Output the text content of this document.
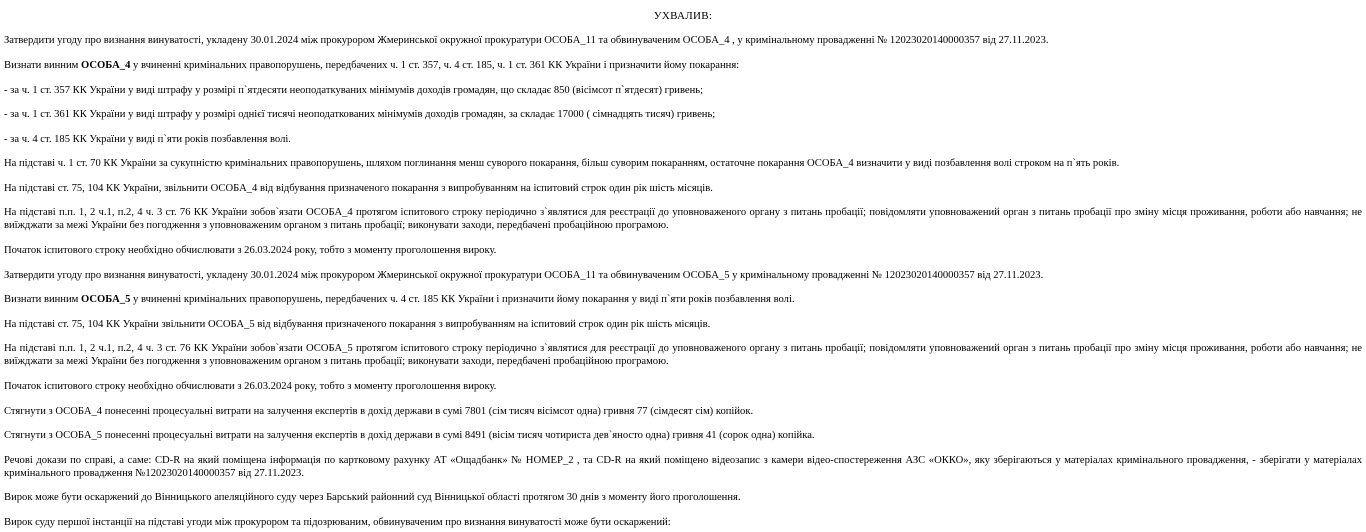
УХВАЛИВ:
Затвердити угоду про визнання винуватості, укладену 30.01.2024 між прокурором Жмеринської окружної прокуратури ОСОБА_11 та обвинуваченим ОСОБА_4 , у кримінальному провадженні № 12023020140000357 від 27.11.2023.
Визнати винним ОСОБА_4 у вчиненні кримінальних правопорушень, передбачених ч. 1 ст. 357, ч. 4 ст. 185, ч. 1 ст. 361 КК України і призначити йому покарання:
- за ч. 1 ст. 357 КК України у виді штрафу у розмірі п`ятдесяти неоподаткуваних мінімумів доходів громадян, що складає 850 (вісімсот п`ятдесят) гривень;
- за ч. 1 ст. 361 КК України у виді штрафу у розмірі однієї тисячі неоподаткованих мінімумів доходів громадян, за складає 17000 ( сімнадцять тисяч) гривень;
- за ч. 4 ст. 185 КК України у виді п`яти років позбавлення волі.
На підставі ч. 1 ст. 70 КК України за сукупністю кримінальних правопорушень, шляхом поглинання менш суворого покарання, більш суворим покаранням, остаточне покарання ОСОБА_4 визначити у виді позбавлення волі строком на п`ять років.
На підставі ст. 75, 104 КК України, звільнити ОСОБА_4 від відбування призначеного покарання з випробуванням на іспитовий строк один рік шість місяців.
На підставі п.п. 1, 2 ч.1, п.2, 4 ч. 3 ст. 76 КК України зобов`язати ОСОБА_4 протягом іспитового строку періодично з`являтися для реєстрації до уповноваженого органу з питань пробації; повідомляти уповноважений орган з питань пробації про зміну місця проживання, роботи або навчання; не виїжджати за межі України без погодження з уповноваженим органом з питань пробації; виконувати заходи, передбачені пробаційною програмою.
Початок іспитового строку необхідно обчислювати з 26.03.2024 року, тобто з моменту проголошення вироку.
Затвердити угоду про визнання винуватості, укладену 30.01.2024 між прокурором Жмеринської окружної прокуратури ОСОБА_11 та обвинуваченим ОСОБА_5 у кримінальному провадженні № 12023020140000357 від 27.11.2023.
Визнати винним ОСОБА_5 у вчиненні кримінальних правопорушень, передбачених ч. 4 ст. 185 КК України і призначити йому покарання у виді п`яти років позбавлення волі.
На підставі ст. 75, 104 КК України звільнити ОСОБА_5 від відбування призначеного покарання з випробуванням на іспитовий строк один рік шість місяців.
На підставі п.п. 1, 2 ч.1, п.2, 4 ч. 3 ст. 76 КК України зобов`язати ОСОБА_5 протягом іспитового строку періодично з`являтися для реєстрації до уповноваженого органу з питань пробації; повідомляти уповноважений орган з питань пробації про зміну місця проживання, роботи або навчання; не виїжджати за межі України без погодження з уповноваженим органом з питань пробації; виконувати заходи, передбачені пробаційною програмою.
Початок іспитового строку необхідно обчислювати з 26.03.2024 року, тобто з моменту проголошення вироку.
Стягнути з ОСОБА_4 понесенні процесуальні витрати на залучення експертів в дохід держави в сумі 7801 (сім тисяч вісімсот одна) гривня 77 (сімдесят сім) копійок.
Стягнути з ОСОБА_5 понесенні процесуальні витрати на залучення експертів в дохід держави в сумі 8491 (вісім тисяч чотириста дев`яносто одна) гривня 41 (сорок одна) копійка.
Речові докази по справі, а саме: CD-R на який поміщена інформація по картковому рахунку АТ «Ощадбанк» № НОМЕР_2 , та CD-R на який поміщено відеозапис з камери відео-спостереження АЗС «ОККО», яку зберігаються у матеріалах кримінального провадження, - зберігати у матеріалах кримінального провадження №12023020140000357 від 27.11.2023.
Вирок може бути оскаржений до Вінницького апеляційного суду через Барський районний суд Вінницької області протягом 30 днів з моменту його проголошення.
Вирок суду першої інстанції на підставі угоди між прокурором та підозрюваним, обвинуваченим про визнання винуватості може бути оскаржений:
